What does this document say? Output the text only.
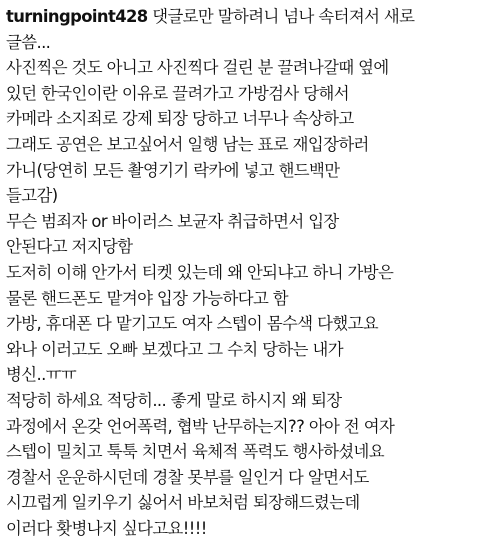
turningpoint428 댓글로만 말하려니 넘나 속터져서 새로
글씀...
사진찍은 것도 아니고 사진찍다 걸린 분 끌려나갈때 옆에
있던 한국인이란 이유로 끌려가고 가방검사 당해서
카메라 소지죄로 강제 퇴장 당하고 너무나 속상하고
그래도 공연은 보고싶어서 일행 남는 표로 재입장하러
가니(당연히 모든 촬영기기 락카에 넣고 핸드백만
들고감)
무슨 범죄자 or 바이러스 보균자 취급하면서 입장
안된다고 저지당함
도저히 이해 안가서 티켓 있는데 왜 안되냐고 하니 가방은
물론 핸드폰도 맡겨야 입장 가능하다고 함
가방, 휴대폰 다 맡기고도 여자 스텝이 몸수색 다했고요
와나 이러고도 오빠 보겠다고 그 수치 당하는 내가
병신..ㅠㅠ
적당히 하세요 적당히... 좋게 말로 하시지 왜 퇴장
과정에서 온갖 언어폭력, 협박 난무하는지?? 아아 전 여자
스텝이 밀치고 툭툭 치면서 육체적 폭력도 행사하셨네요
경찰서 운운하시던데 경찰 못부를 일인거 다 알면서도
시끄럽게 일키우기 싫어서 바보처럼 퇴장해드렸는데
이러다 홧병나지 싶다고요!!!!
